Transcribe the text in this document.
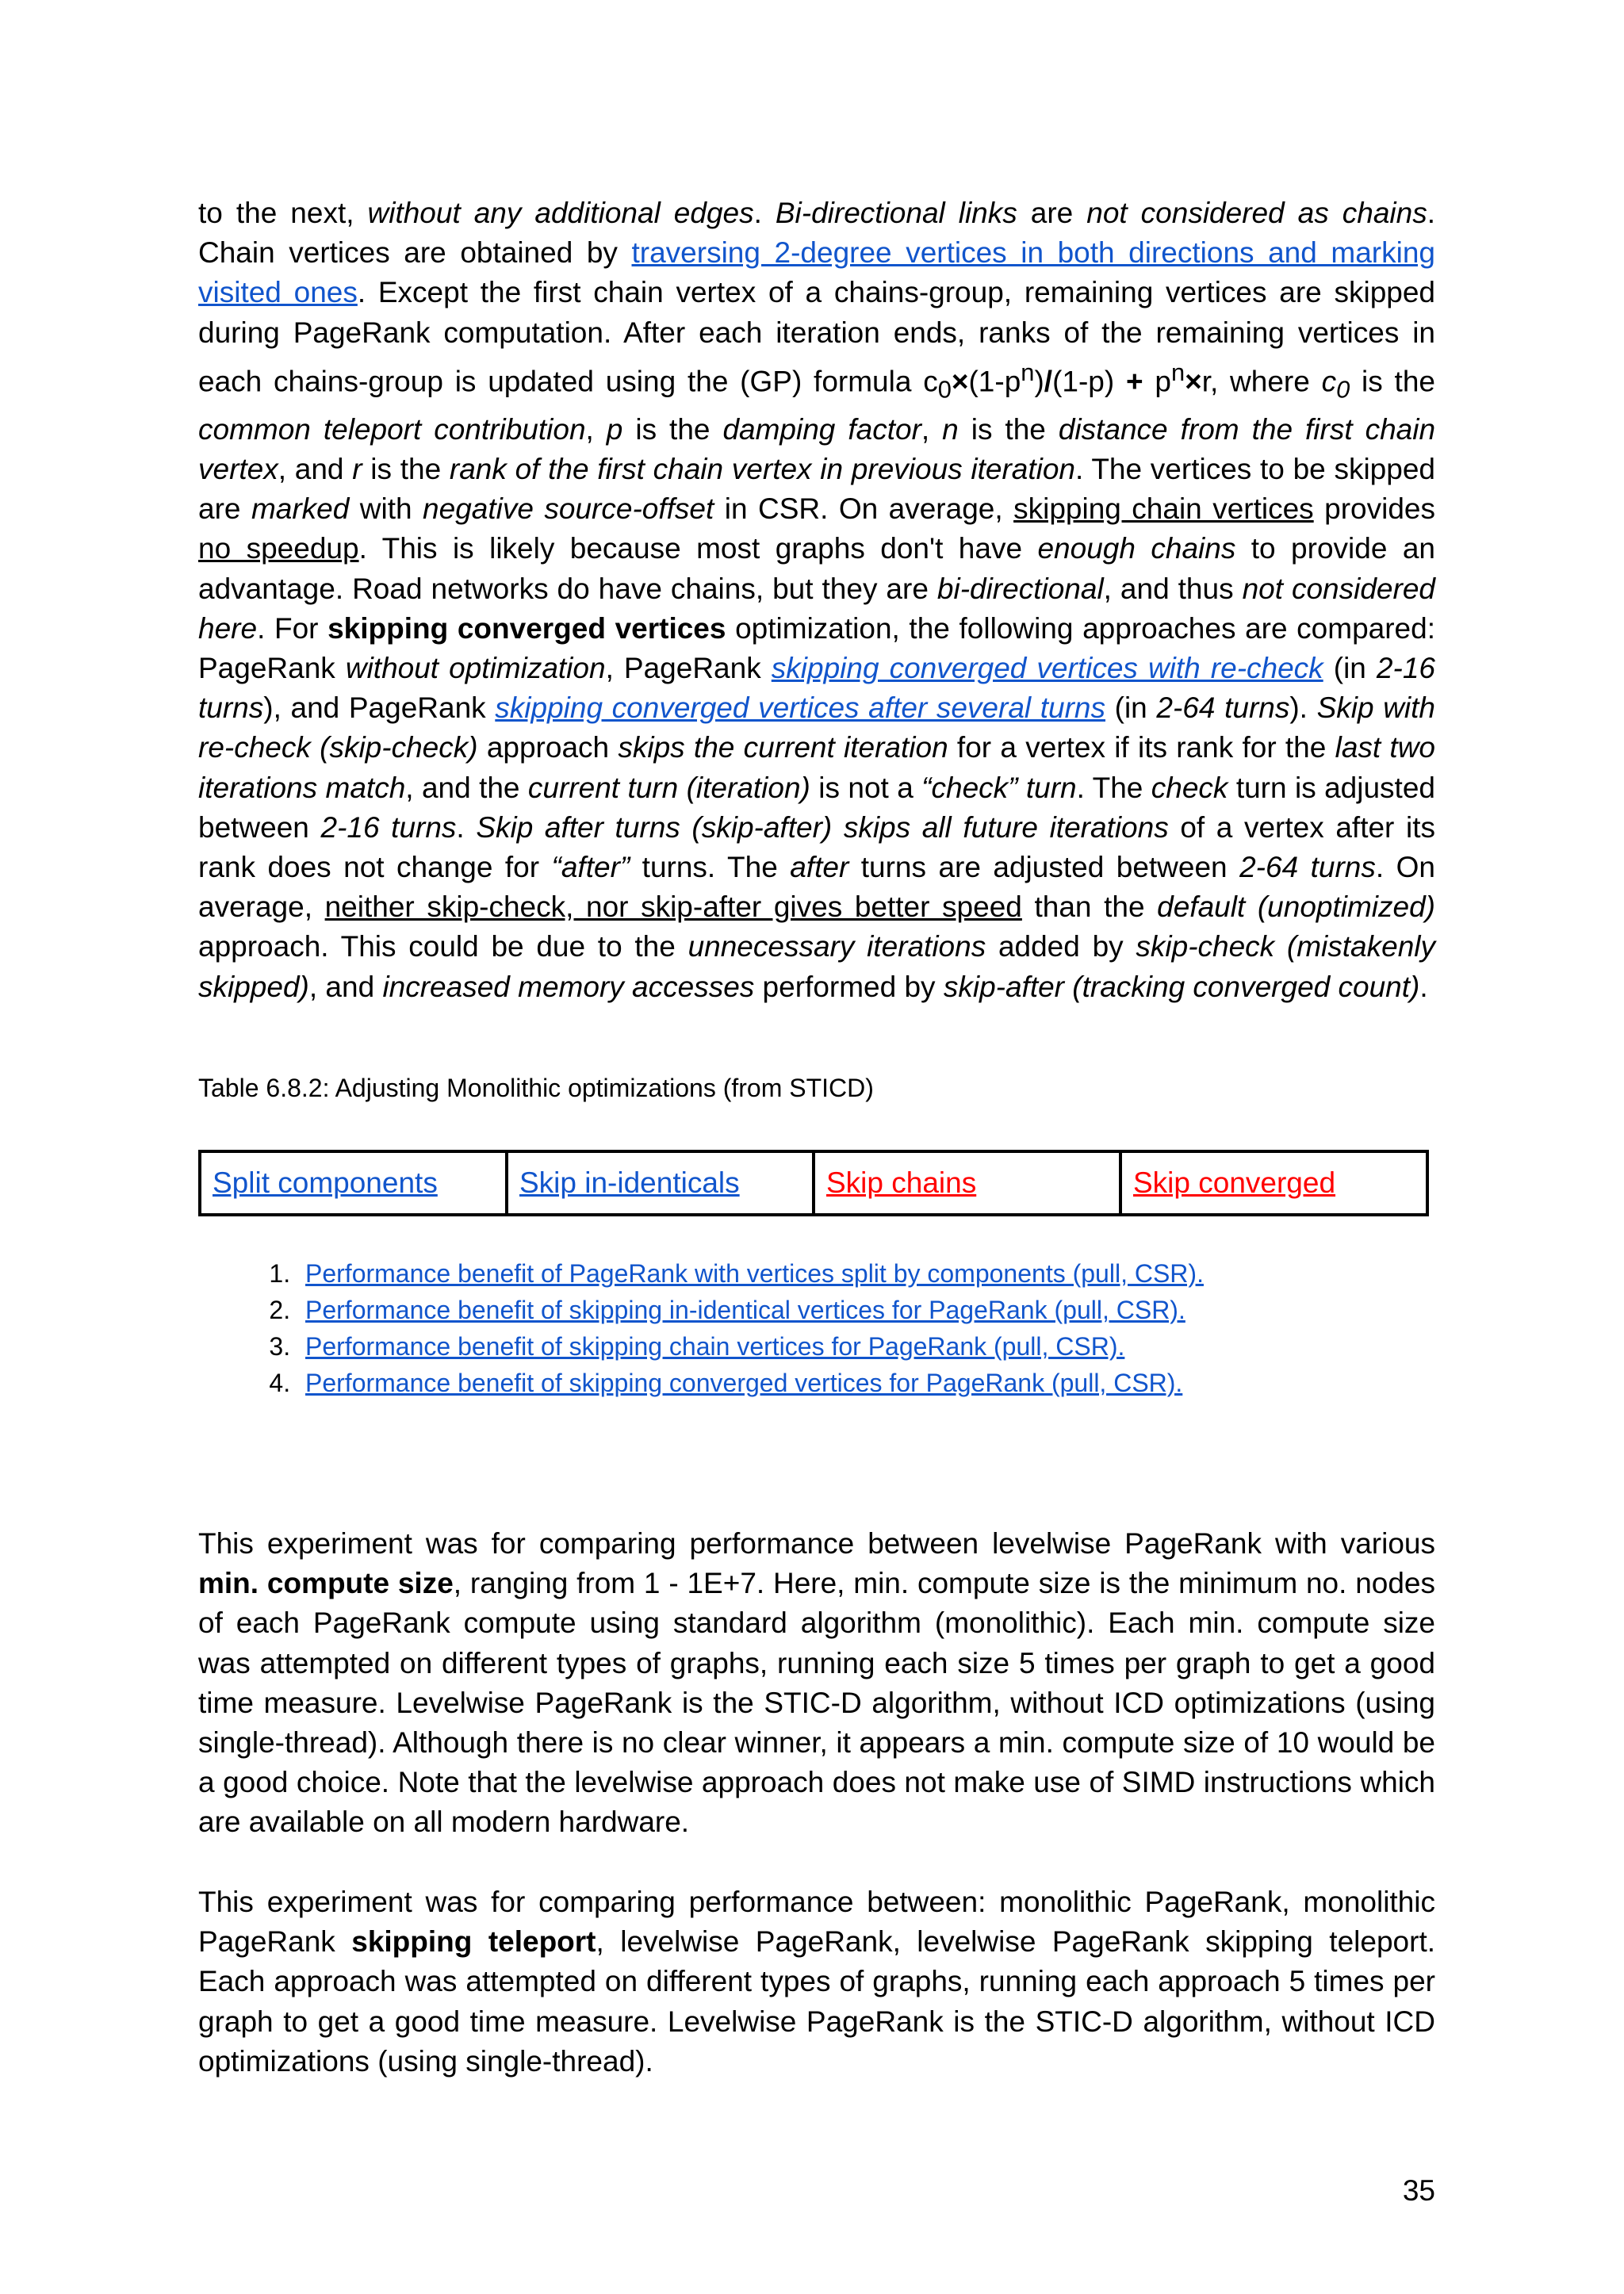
to the next, without any additional edges. Bi-directional links are not considered as chains. Chain vertices are obtained by traversing 2-degree vertices in both directions and marking visited ones. Except the first chain vertex of a chains-group, remaining vertices are skipped during PageRank computation. After each iteration ends, ranks of the remaining vertices in each chains-group is updated using the (GP) formula $c_0\times(1-p^n)/(1-p) + p^n\times r$, where $c_0$ is the common teleport contribution, p is the damping factor, n is the distance from the first chain vertex, and r is the rank of the first chain vertex in previous iteration. The vertices to be skipped are marked with negative source-offset in CSR. On average, skipping chain vertices provides no speedup. This is likely because most graphs don't have enough chains to provide an advantage. Road networks do have chains, but they are bi-directional, and thus not considered here. For skipping converged vertices optimization, the following approaches are compared: PageRank without optimization, PageRank skipping converged vertices with re-check (in 2-16 turns), and PageRank skipping converged vertices after several turns (in 2-64 turns). Skip with re-check (skip-check) approach skips the current iteration for a vertex if its rank for the last two iterations match, and the current turn (iteration) is not a “check” turn. The check turn is adjusted between 2-16 turns. Skip after turns (skip-after) skips all future iterations of a vertex after its rank does not change for “after” turns. The after turns are adjusted between 2-64 turns. On average, neither skip-check, nor skip-after gives better speed than the default (unoptimized) approach. This could be due to the unnecessary iterations added by skip-check (mistakenly skipped), and increased memory accesses performed by skip-after (tracking converged count).

Table 6.8.2: Adjusting Monolithic optimizations (from STICD)

Split components	Skip in-identicals	Skip chains	Skip converged
1. Performance benefit of PageRank with vertices split by components (pull, CSR).
2. Performance benefit of skipping in-identical vertices for PageRank (pull, CSR).
3. Performance benefit of skipping chain vertices for PageRank (pull, CSR).
4. Performance benefit of skipping converged vertices for PageRank (pull, CSR).

This experiment was for comparing performance between levelwise PageRank with various min. compute size, ranging from 1 - 1E+7. Here, min. compute size is the minimum no. nodes of each PageRank compute using standard algorithm (monolithic). Each min. compute size was attempted on different types of graphs, running each size 5 times per graph to get a good time measure. Levelwise PageRank is the STIC-D algorithm, without ICD optimizations (using single-thread). Although there is no clear winner, it appears a min. compute size of 10 would be a good choice. Note that the levelwise approach does not make use of SIMD instructions which are available on all modern hardware.

This experiment was for comparing performance between: monolithic PageRank, monolithic PageRank skipping teleport, levelwise PageRank, levelwise PageRank skipping teleport. Each approach was attempted on different types of graphs, running each approach 5 times per graph to get a good time measure. Levelwise PageRank is the STIC-D algorithm, without ICD optimizations (using single-thread).

35
